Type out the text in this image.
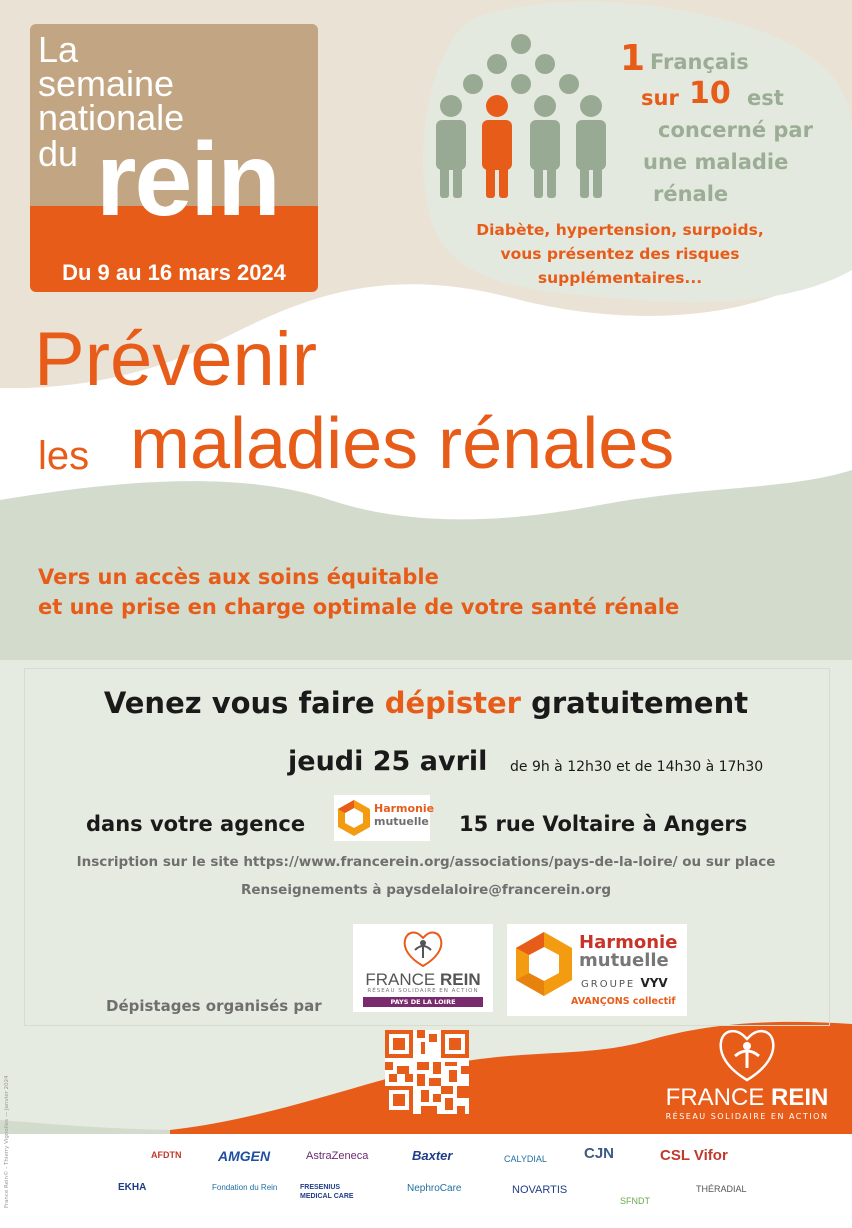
La
semaine
nationale
du rein
Du 9 au 16 mars 2024
1 Français
sur 10 est
concerné par
une maladie
rénale
Diabète, hypertension, surpoids,
vous présentez des risques
supplémentaires...
Prévenir
les maladies rénales
Vers un accès aux soins équitable
et une prise en charge optimale de votre santé rénale
Venez vous faire dépister gratuitement
jeudi 25 avril de 9h à 12h30 et de 14h30 à 17h30
dans votre agence
Harmonie
mutuelle 15 rue Voltaire à Angers
Inscription sur le site https://www.francerein.org/associations/pays-de-la-loire/ ou sur place
Renseignements à paysdelaloire@francerein.org
Dépistages organisés par
FRANCE REIN
RÉSEAU SOLIDAIRE EN ACTION
PAYS DE LA LOIRE
Harmonie
mutuelle
GROUPE VYV
AVANÇONS collectif
FRANCE REIN
RÉSEAU SOLIDAIRE EN ACTION
AFDTN	AMGEN	AstraZeneca	Baxter	CALYDIAL CJN	CSL Vifor
EKHA	Fondation du Rein	FRESENIUS MEDICAL CARE
NephroCare	NOVARTIS
SFNDT
THÉRADIAL
France Rein© - Thierry Vignolles — Janvier 2024
